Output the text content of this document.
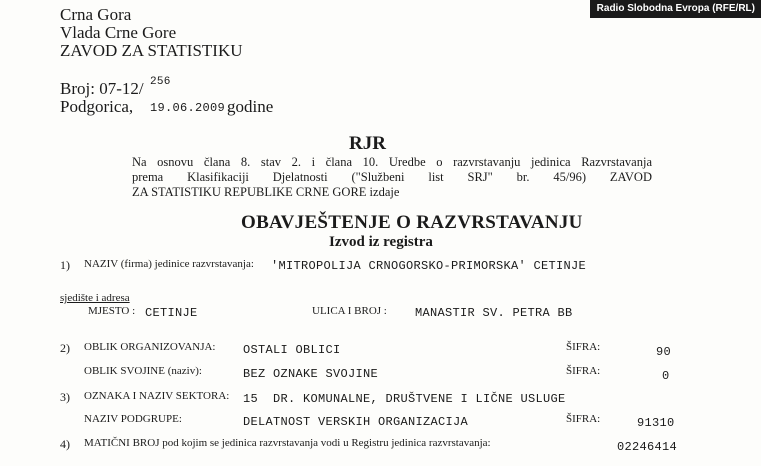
Radio Slobodna Evropa (RFE/RL)
Crna Gora
Vlada Crne Gore
ZAVOD ZA STATISTIKU
Broj: 07-12/ 256
Podgorica, 19.06.2009.
godine
RJR
Na osnovu člana 8. stav 2. i člana 10. Uredbe o razvrstavanju jedinica Razvrstavanja
prema Klasifikaciji Djelatnosti ("Službeni list SRJ" br. 45/96) ZAVOD
ZA STATISTIKU REPUBLIKE CRNE GORE izdaje
OBAVJEŠTENJE O RAZVRSTAVANJU
Izvod iz registra
1) NAZIV (firma) jedinice razvrstavanja: 'MITROPOLIJA CRNOGORSKO-PRIMORSKA' CETINJE
sjedište i adresa
MJESTO : CETINJE	ULICA I BROJ : MANASTIR SV. PETRA BB
2) OBLIK ORGANIZOVANJA: OSTALI OBLICI	ŠIFRA:	90
OBLIK SVOJINE (naziv):	BEZ OZNAKE SVOJINE	ŠIFRA:	0
3) OZNAKA I NAZIV SEKTORA: 15  DR. KOMUNALNE, DRUŠTVENE I LIČNE USLUGE
NAZIV PODGRUPE:	DELATNOST VERSKIH ORGANIZACIJA	ŠIFRA:	91310
4) MATIČNI BROJ pod kojim se jedinica razvrstavanja vodi u Registru jedinica razvrstavanja:	02246414
